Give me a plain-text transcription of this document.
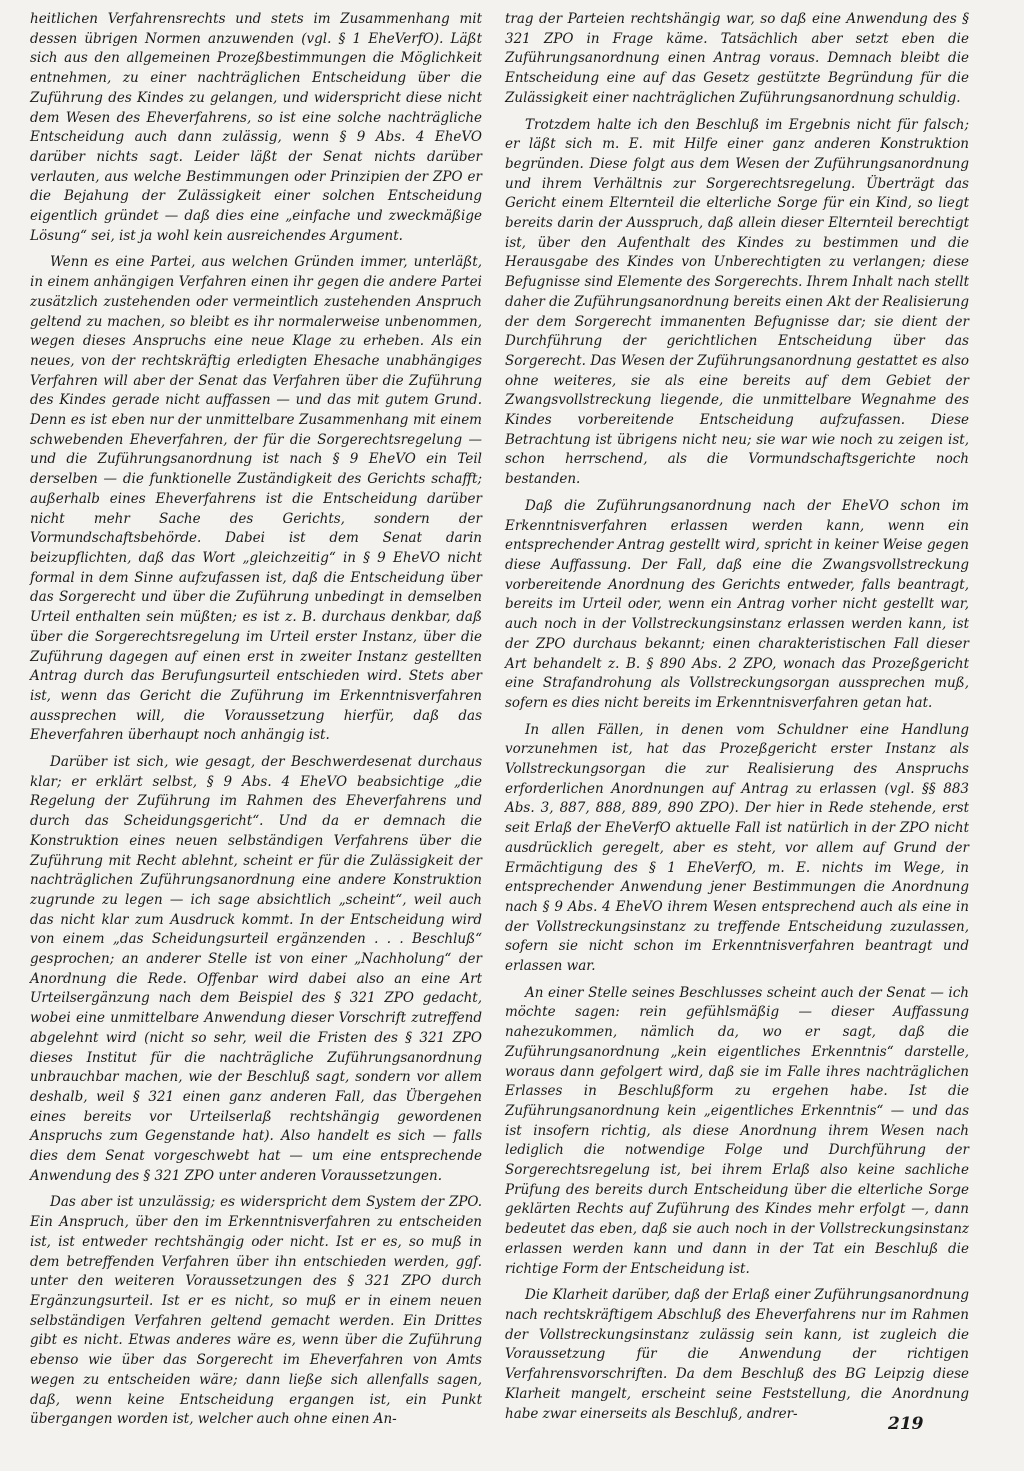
heitlichen Verfahrensrechts und stets im Zusammenhang mit dessen übrigen Normen anzuwenden (vgl. § 1 EheVerfO). Läßt sich aus den allgemeinen Prozeßbestimmungen die Möglichkeit entnehmen, zu einer nachträglichen Entscheidung über die Zuführung des Kindes zu gelangen, und widerspricht diese nicht dem Wesen des Eheverfahrens, so ist eine solche nachträgliche Entscheidung auch dann zulässig, wenn § 9 Abs. 4 EheVO darüber nichts sagt. Leider läßt der Senat nichts darüber verlauten, aus welche Bestimmungen oder Prinzipien der ZPO er die Bejahung der Zulässigkeit einer solchen Entscheidung eigentlich gründet — daß dies eine „einfache und zweckmäßige Lösung“ sei, ist ja wohl kein ausreichendes Argument.

Wenn es eine Partei, aus welchen Gründen immer, unterläßt, in einem anhängigen Verfahren einen ihr gegen die andere Partei zusätzlich zustehenden oder vermeintlich zustehenden Anspruch geltend zu machen, so bleibt es ihr normalerweise unbenommen, wegen dieses Anspruchs eine neue Klage zu erheben. Als ein neues, von der rechtskräftig erledigten Ehesache unabhängiges Verfahren will aber der Senat das Verfahren über die Zuführung des Kindes gerade nicht auffassen — und das mit gutem Grund. Denn es ist eben nur der unmittelbare Zusammenhang mit einem schwebenden Eheverfahren, der für die Sorgerechtsregelung — und die Zuführungsanordnung ist nach § 9 EheVO ein Teil derselben — die funktionelle Zuständigkeit des Gerichts schafft; außerhalb eines Eheverfahrens ist die Entscheidung darüber nicht mehr Sache des Gerichts, sondern der Vormundschaftsbehörde. Dabei ist dem Senat darin beizupflichten, daß das Wort „gleichzeitig“ in § 9 EheVO nicht formal in dem Sinne aufzufassen ist, daß die Entscheidung über das Sorgerecht und über die Zuführung unbedingt in demselben Urteil enthalten sein müßten; es ist z. B. durchaus denkbar, daß über die Sorgerechtsregelung im Urteil erster Instanz, über die Zuführung dagegen auf einen erst in zweiter Instanz gestellten Antrag durch das Berufungsurteil entschieden wird. Stets aber ist, wenn das Gericht die Zuführung im Erkenntnisverfahren aussprechen will, die Voraussetzung hierfür, daß das Eheverfahren überhaupt noch anhängig ist.

Darüber ist sich, wie gesagt, der Beschwerdesenat durchaus klar; er erklärt selbst, § 9 Abs. 4 EheVO beabsichtige „die Regelung der Zuführung im Rahmen des Eheverfahrens und durch das Scheidungsgericht“. Und da er demnach die Konstruktion eines neuen selbständigen Verfahrens über die Zuführung mit Recht ablehnt, scheint er für die Zulässigkeit der nachträglichen Zuführungsanordnung eine andere Konstruktion zugrunde zu legen — ich sage absichtlich „scheint“, weil auch das nicht klar zum Ausdruck kommt. In der Entscheidung wird von einem „das Scheidungsurteil ergänzenden . . . Beschluß“ gesprochen; an anderer Stelle ist von einer „Nachholung“ der Anordnung die Rede. Offenbar wird dabei also an eine Art Urteilsergänzung nach dem Beispiel des § 321 ZPO gedacht, wobei eine unmittelbare Anwendung dieser Vorschrift zutreffend abgelehnt wird (nicht so sehr, weil die Fristen des § 321 ZPO dieses Institut für die nachträgliche Zuführungsanordnung unbrauchbar machen, wie der Beschluß sagt, sondern vor allem deshalb, weil § 321 einen ganz anderen Fall, das Übergehen eines bereits vor Urteilserlaß rechtshängig gewordenen Anspruchs zum Gegenstande hat). Also handelt es sich — falls dies dem Senat vorgeschwebt hat — um eine entsprechende Anwendung des § 321 ZPO unter anderen Voraussetzungen.

Das aber ist unzulässig; es widerspricht dem System der ZPO. Ein Anspruch, über den im Erkenntnisverfahren zu entscheiden ist, ist entweder rechtshängig oder nicht. Ist er es, so muß in dem betreffenden Verfahren über ihn entschieden werden, ggf. unter den weiteren Voraussetzungen des § 321 ZPO durch Ergänzungsurteil. Ist er es nicht, so muß er in einem neuen selbständigen Verfahren geltend gemacht werden. Ein Drittes gibt es nicht. Etwas anderes wäre es, wenn über die Zuführung ebenso wie über das Sorgerecht im Eheverfahren von Amts wegen zu entscheiden wäre; dann ließe sich allenfalls sagen, daß, wenn keine Entscheidung ergangen ist, ein Punkt übergangen worden ist, welcher auch ohne einen An-

trag der Parteien rechtshängig war, so daß eine Anwendung des § 321 ZPO in Frage käme. Tatsächlich aber setzt eben die Zuführungsanordnung einen Antrag voraus. Demnach bleibt die Entscheidung eine auf das Gesetz gestützte Begründung für die Zulässigkeit einer nachträglichen Zuführungsanordnung schuldig.

Trotzdem halte ich den Beschluß im Ergebnis nicht für falsch; er läßt sich m. E. mit Hilfe einer ganz anderen Konstruktion begründen. Diese folgt aus dem Wesen der Zuführungsanordnung und ihrem Verhältnis zur Sorgerechtsregelung. Überträgt das Gericht einem Elternteil die elterliche Sorge für ein Kind, so liegt bereits darin der Ausspruch, daß allein dieser Elternteil berechtigt ist, über den Aufenthalt des Kindes zu bestimmen und die Herausgabe des Kindes von Unberechtigten zu verlangen; diese Befugnisse sind Elemente des Sorgerechts. Ihrem Inhalt nach stellt daher die Zuführungsanordnung bereits einen Akt der Realisierung der dem Sorgerecht immanenten Befugnisse dar; sie dient der Durchführung der gerichtlichen Entscheidung über das Sorgerecht. Das Wesen der Zuführungsanordnung gestattet es also ohne weiteres, sie als eine bereits auf dem Gebiet der Zwangsvollstreckung liegende, die unmittelbare Wegnahme des Kindes vorbereitende Entscheidung aufzufassen. Diese Betrachtung ist übrigens nicht neu; sie war wie noch zu zeigen ist, schon herrschend, als die Vormundschaftsgerichte noch bestanden.

Daß die Zuführungsanordnung nach der EheVO schon im Erkenntnisverfahren erlassen werden kann, wenn ein entsprechender Antrag gestellt wird, spricht in keiner Weise gegen diese Auffassung. Der Fall, daß eine die Zwangsvollstreckung vorbereitende Anordnung des Gerichts entweder, falls beantragt, bereits im Urteil oder, wenn ein Antrag vorher nicht gestellt war, auch noch in der Vollstreckungsinstanz erlassen werden kann, ist der ZPO durchaus bekannt; einen charakteristischen Fall dieser Art behandelt z. B. § 890 Abs. 2 ZPO, wonach das Prozeßgericht eine Strafandrohung als Vollstreckungsorgan aussprechen muß, sofern es dies nicht bereits im Erkenntnisverfahren getan hat.

In allen Fällen, in denen vom Schuldner eine Handlung vorzunehmen ist, hat das Prozeßgericht erster Instanz als Vollstreckungsorgan die zur Realisierung des Anspruchs erforderlichen Anordnungen auf Antrag zu erlassen (vgl. §§ 883 Abs. 3, 887, 888, 889, 890 ZPO). Der hier in Rede stehende, erst seit Erlaß der EheVerfO aktuelle Fall ist natürlich in der ZPO nicht ausdrücklich geregelt, aber es steht, vor allem auf Grund der Ermächtigung des § 1 EheVerfO, m. E. nichts im Wege, in entsprechender Anwendung jener Bestimmungen die Anordnung nach § 9 Abs. 4 EheVO ihrem Wesen entsprechend auch als eine in der Vollstreckungsinstanz zu treffende Entscheidung zuzulassen, sofern sie nicht schon im Erkenntnisverfahren beantragt und erlassen war.

An einer Stelle seines Beschlusses scheint auch der Senat — ich möchte sagen: rein gefühlsmäßig — dieser Auffassung nahezukommen, nämlich da, wo er sagt, daß die Zuführungsanordnung „kein eigentliches Erkenntnis“ darstelle, woraus dann gefolgert wird, daß sie im Falle ihres nachträglichen Erlasses in Beschlußform zu ergehen habe. Ist die Zuführungsanordnung kein „eigentliches Erkenntnis“ — und das ist insofern richtig, als diese Anordnung ihrem Wesen nach lediglich die notwendige Folge und Durchführung der Sorgerechtsregelung ist, bei ihrem Erlaß also keine sachliche Prüfung des bereits durch Entscheidung über die elterliche Sorge geklärten Rechts auf Zuführung des Kindes mehr erfolgt —, dann bedeutet das eben, daß sie auch noch in der Vollstreckungsinstanz erlassen werden kann und dann in der Tat ein Beschluß die richtige Form der Entscheidung ist.

Die Klarheit darüber, daß der Erlaß einer Zuführungsanordnung nach rechtskräftigem Abschluß des Eheverfahrens nur im Rahmen der Vollstreckungsinstanz zulässig sein kann, ist zugleich die Voraussetzung für die Anwendung der richtigen Verfahrensvorschriften. Da dem Beschluß des BG Leipzig diese Klarheit mangelt, erscheint seine Feststellung, die Anordnung habe zwar einerseits als Beschluß, andrer-

219
